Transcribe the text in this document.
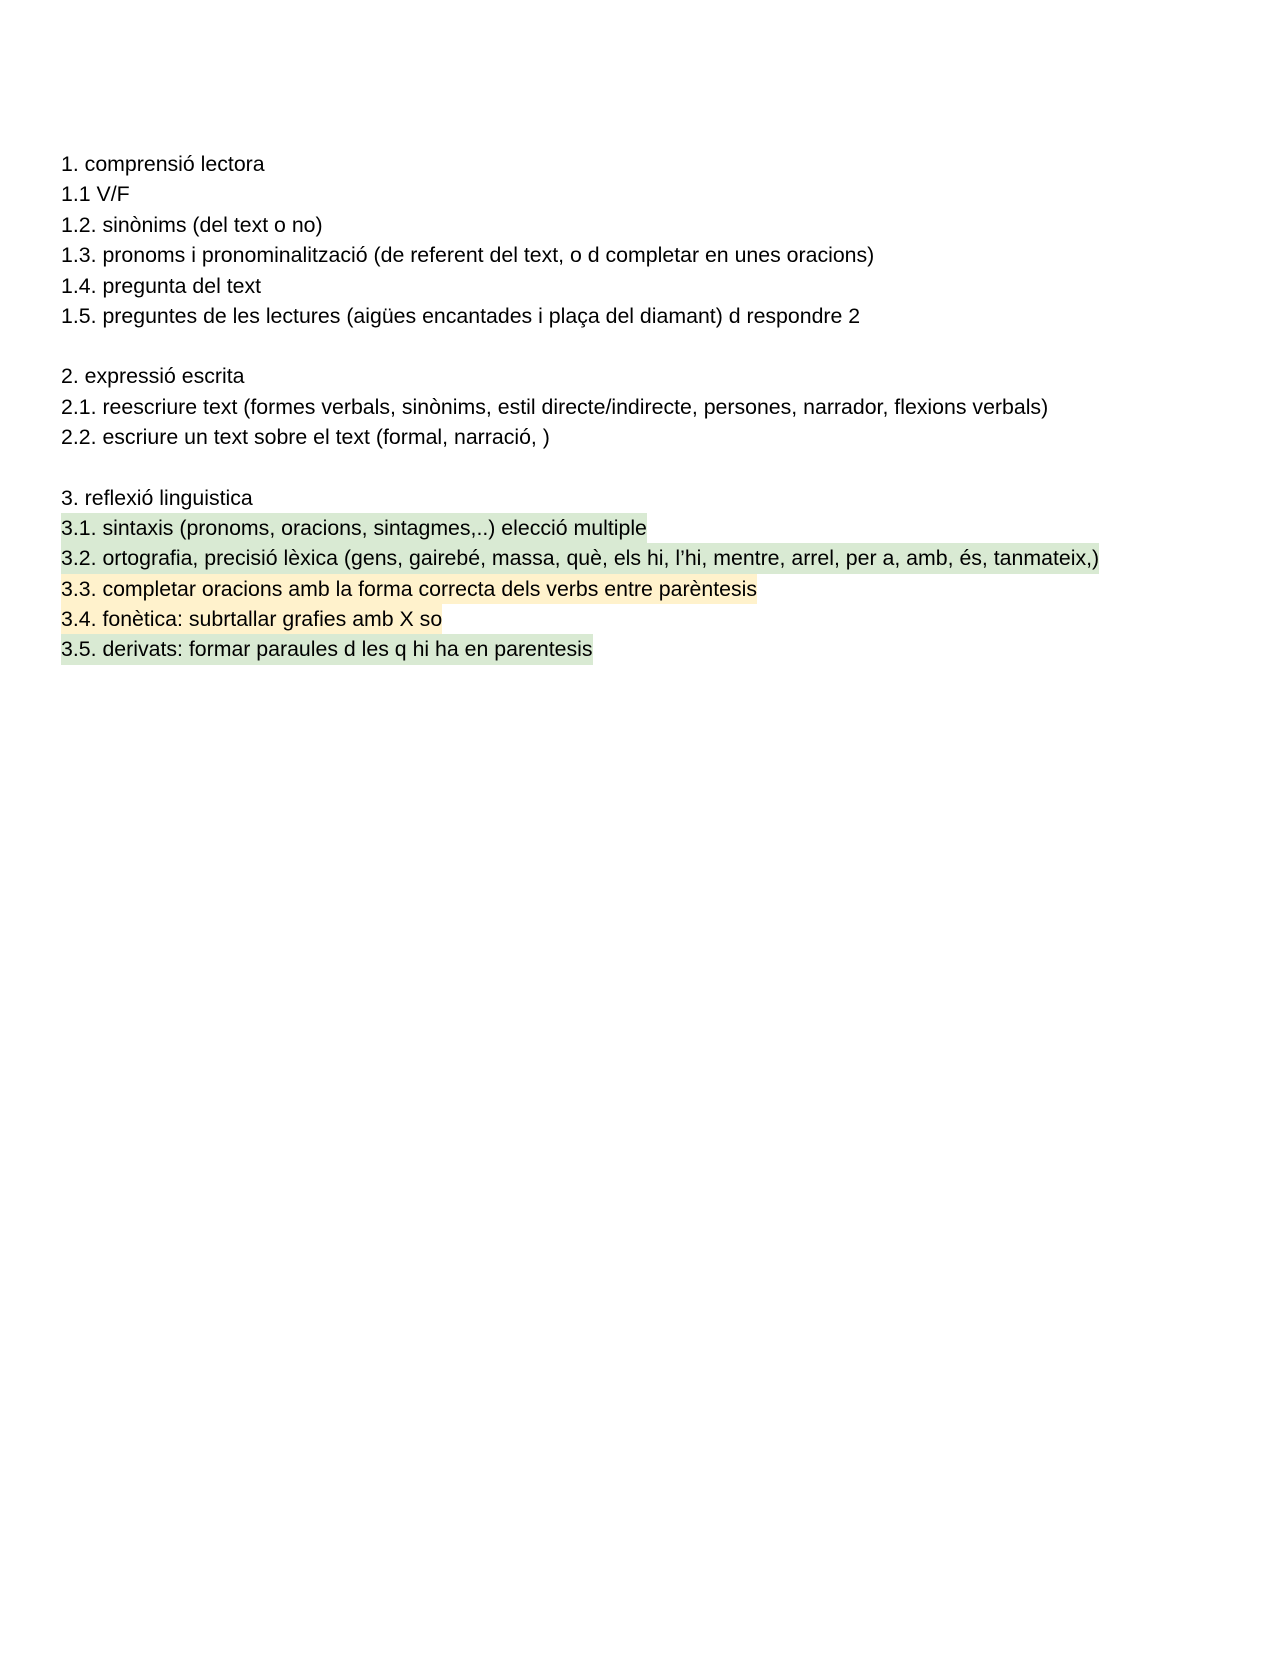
1. comprensió lectora
1.1 V/F
1.2. sinònims (del text o no)
1.3. pronoms i pronominalització (de referent del text, o d completar en unes oracions)
1.4. pregunta del text
1.5. preguntes de les lectures (aigües encantades i plaça del diamant) d respondre 2
2. expressió escrita
2.1. reescriure text (formes verbals, sinònims, estil directe/indirecte, persones, narrador, flexions verbals)
2.2. escriure un text sobre el text (formal, narració, )
3. reflexió linguistica
3.1. sintaxis (pronoms, oracions, sintagmes,..) elecció multiple
3.2. ortografia, precisió lèxica (gens, gairebé, massa, què, els hi, l’hi, mentre, arrel, per a, amb, és, tanmateix,)
3.3. completar oracions amb la forma correcta dels verbs entre parèntesis
3.4. fonètica: subrtallar grafies amb X so
3.5. derivats: formar paraules d les q hi ha en parentesis
